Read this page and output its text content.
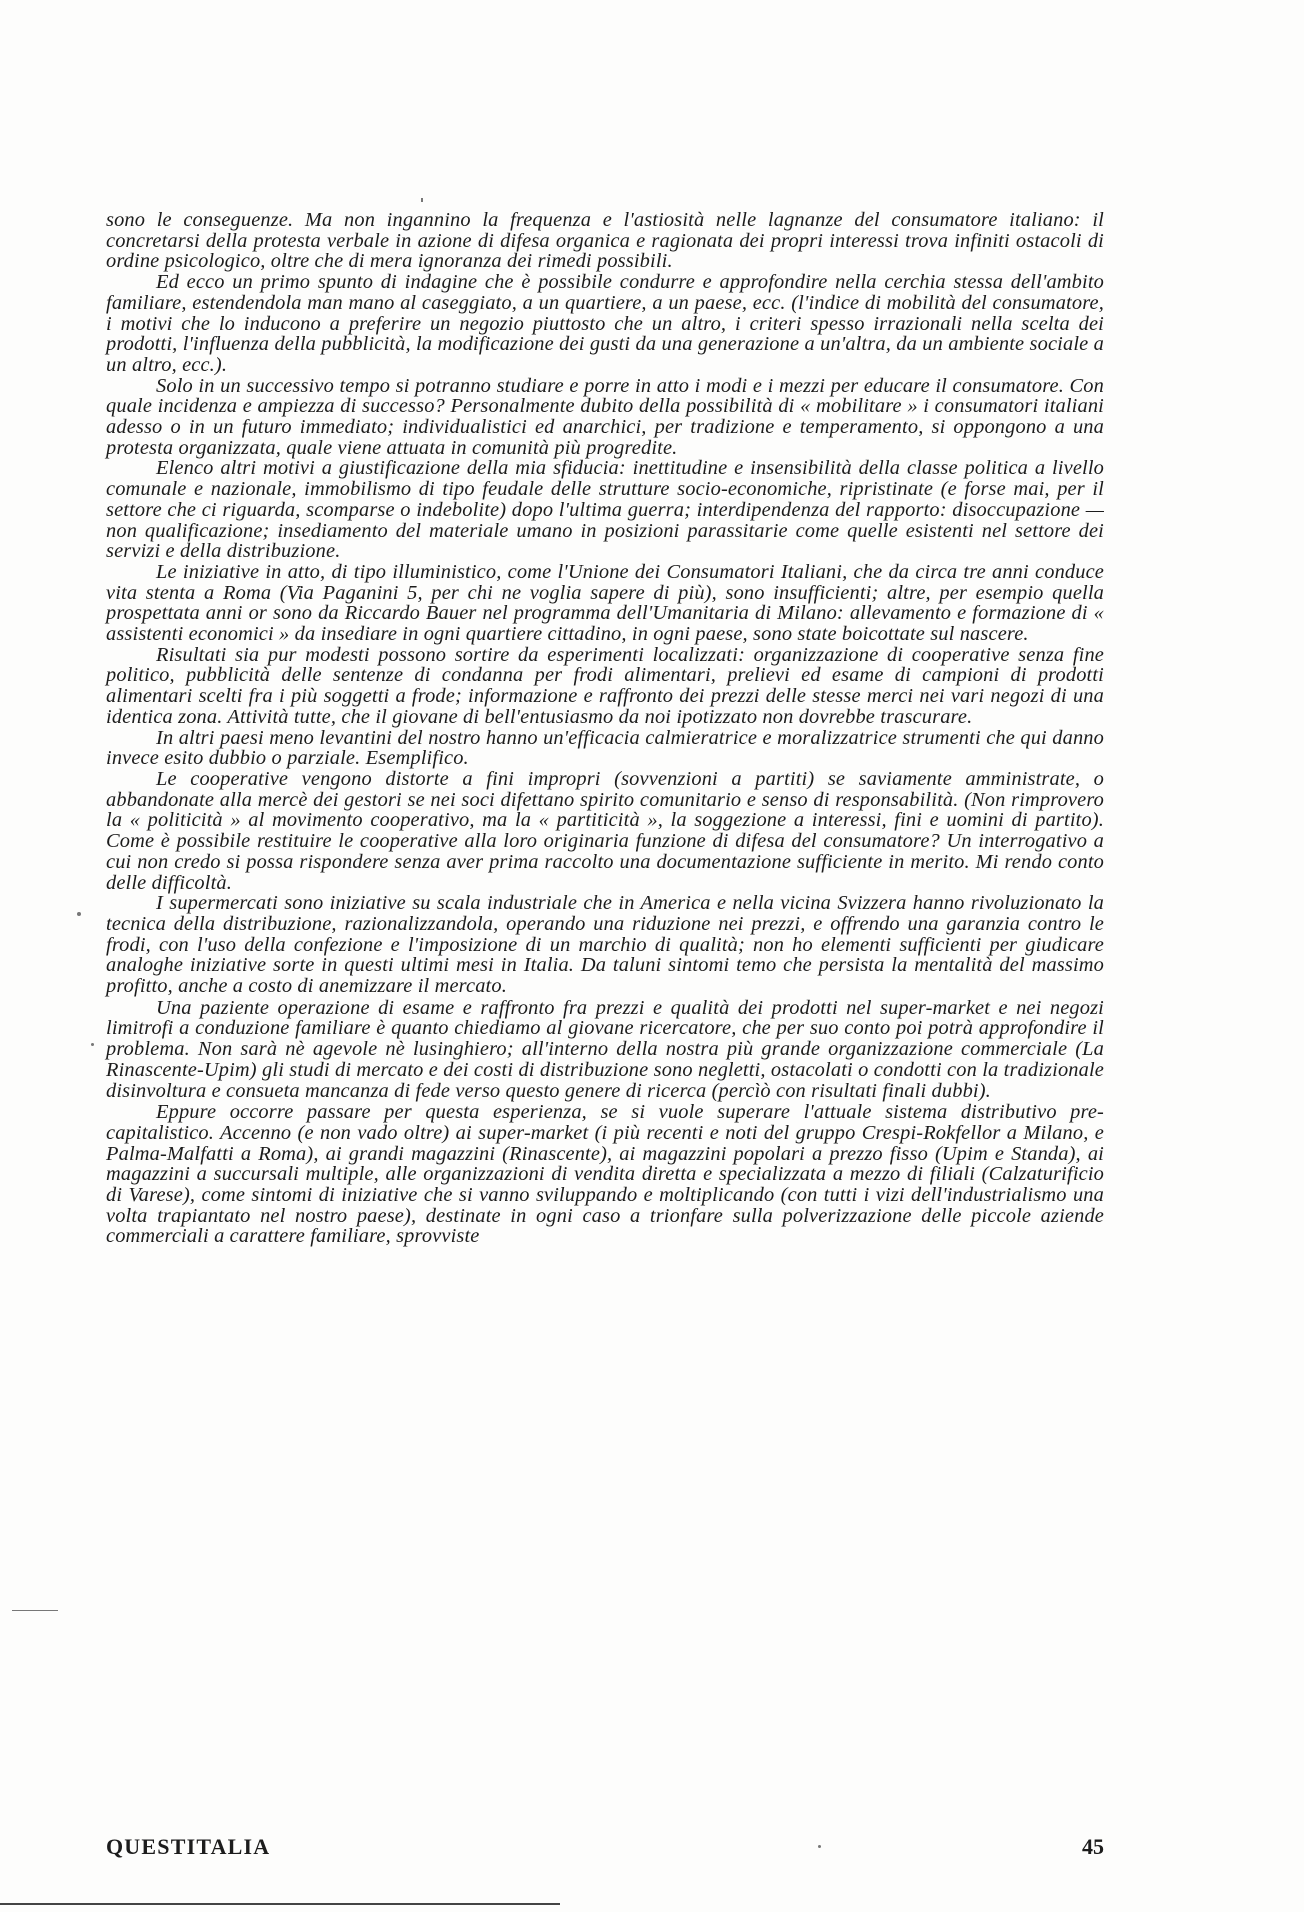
sono le conseguenze. Ma non ingannino la frequenza e l'astiosità nelle lagnanze del consumatore italiano: il concretarsi della protesta verbale in azione di difesa organica e ragionata dei propri interessi trova infiniti ostacoli di ordine psicologico, oltre che di mera ignoranza dei rimedi possibili.

Ed ecco un primo spunto di indagine che è possibile condurre e approfondire nella cerchia stessa dell'ambito familiare, estendendola man mano al caseggiato, a un quartiere, a un paese, ecc. (l'indice di mobilità del consumatore, i motivi che lo inducono a preferire un negozio piuttosto che un altro, i criteri spesso irrazionali nella scelta dei prodotti, l'influenza della pubblicità, la modificazione dei gusti da una generazione a un'altra, da un ambiente sociale a un altro, ecc.).

Solo in un successivo tempo si potranno studiare e porre in atto i modi e i mezzi per educare il consumatore. Con quale incidenza e ampiezza di successo? Personalmente dubito della possibilità di « mobilitare » i consumatori italiani adesso o in un futuro immediato; individualistici ed anarchici, per tradizione e temperamento, si oppongono a una protesta organizzata, quale viene attuata in comunità più progredite.

Elenco altri motivi a giustificazione della mia sfiducia: inettitudine e insensibilità della classe politica a livello comunale e nazionale, immobilismo di tipo feudale delle strutture socio-economiche, ripristinate (e forse mai, per il settore che ci riguarda, scomparse o indebolite) dopo l'ultima guerra; interdipendenza del rapporto: disoccupazione — non qualificazione; insediamento del materiale umano in posizioni parassitarie come quelle esistenti nel settore dei servizi e della distribuzione.

Le iniziative in atto, di tipo illuministico, come l'Unione dei Consumatori Italiani, che da circa tre anni conduce vita stenta a Roma (Via Paganini 5, per chi ne voglia sapere di più), sono insufficienti; altre, per esempio quella prospettata anni or sono da Riccardo Bauer nel programma dell'Umanitaria di Milano: allevamento e formazione di « assistenti economici » da insediare in ogni quartiere cittadino, in ogni paese, sono state boicottate sul nascere.

Risultati sia pur modesti possono sortire da esperimenti localizzati: organizzazione di cooperative senza fine politico, pubblicità delle sentenze di condanna per frodi alimentari, prelievi ed esame di campioni di prodotti alimentari scelti fra i più soggetti a frode; informazione e raffronto dei prezzi delle stesse merci nei vari negozi di una identica zona. Attività tutte, che il giovane di bell'entusiasmo da noi ipotizzato non dovrebbe trascurare.

In altri paesi meno levantini del nostro hanno un'efficacia calmieratrice e moralizzatrice strumenti che qui danno invece esito dubbio o parziale. Esemplifico.

Le cooperative vengono distorte a fini impropri (sovvenzioni a partiti) se saviamente amministrate, o abbandonate alla mercè dei gestori se nei soci difettano spirito comunitario e senso di responsabilità. (Non rimprovero la « politicità » al movimento cooperativo, ma la « partiticità », la soggezione a interessi, fini e uomini di partito). Come è possibile restituire le cooperative alla loro originaria funzione di difesa del consumatore? Un interrogativo a cui non credo si possa rispondere senza aver prima raccolto una documentazione sufficiente in merito. Mi rendo conto delle difficoltà.

I supermercati sono iniziative su scala industriale che in America e nella vicina Svizzera hanno rivoluzionato la tecnica della distribuzione, razionalizzandola, operando una riduzione nei prezzi, e offrendo una garanzia contro le frodi, con l'uso della confezione e l'imposizione di un marchio di qualità; non ho elementi sufficienti per giudicare analoghe iniziative sorte in questi ultimi mesi in Italia. Da taluni sintomi temo che persista la mentalità del massimo profitto, anche a costo di anemizzare il mercato.

Una paziente operazione di esame e raffronto fra prezzi e qualità dei prodotti nel super-market e nei negozi limitrofi a conduzione familiare è quanto chiediamo al giovane ricercatore, che per suo conto poi potrà approfondire il problema. Non sarà nè agevole nè lusinghiero; all'interno della nostra più grande organizzazione commerciale (La Rinascente-Upim) gli studi di mercato e dei costi di distribuzione sono negletti, ostacolati o condotti con la tradizionale disinvoltura e consueta mancanza di fede verso questo genere di ricerca (percìò con risultati finali dubbi).

Eppure occorre passare per questa esperienza, se si vuole superare l'attuale sistema distributivo pre-capitalistico. Accenno (e non vado oltre) ai super-market (i più recenti e noti del gruppo Crespi-Rokfellor a Milano, e Palma-Malfatti a Roma), ai grandi magazzini (Rinascente), ai magazzini popolari a prezzo fisso (Upim e Standa), ai magazzini a succursali multiple, alle organizzazioni di vendita diretta e specializzata a mezzo di filiali (Calzaturificio di Varese), come sintomi di iniziative che si vanno sviluppando e moltiplicando (con tutti i vizi dell'industrialismo una volta trapiantato nel nostro paese), destinate in ogni caso a trionfare sulla polverizzazione delle piccole aziende commerciali a carattere familiare, sprovviste

QUESTITALIA	45
